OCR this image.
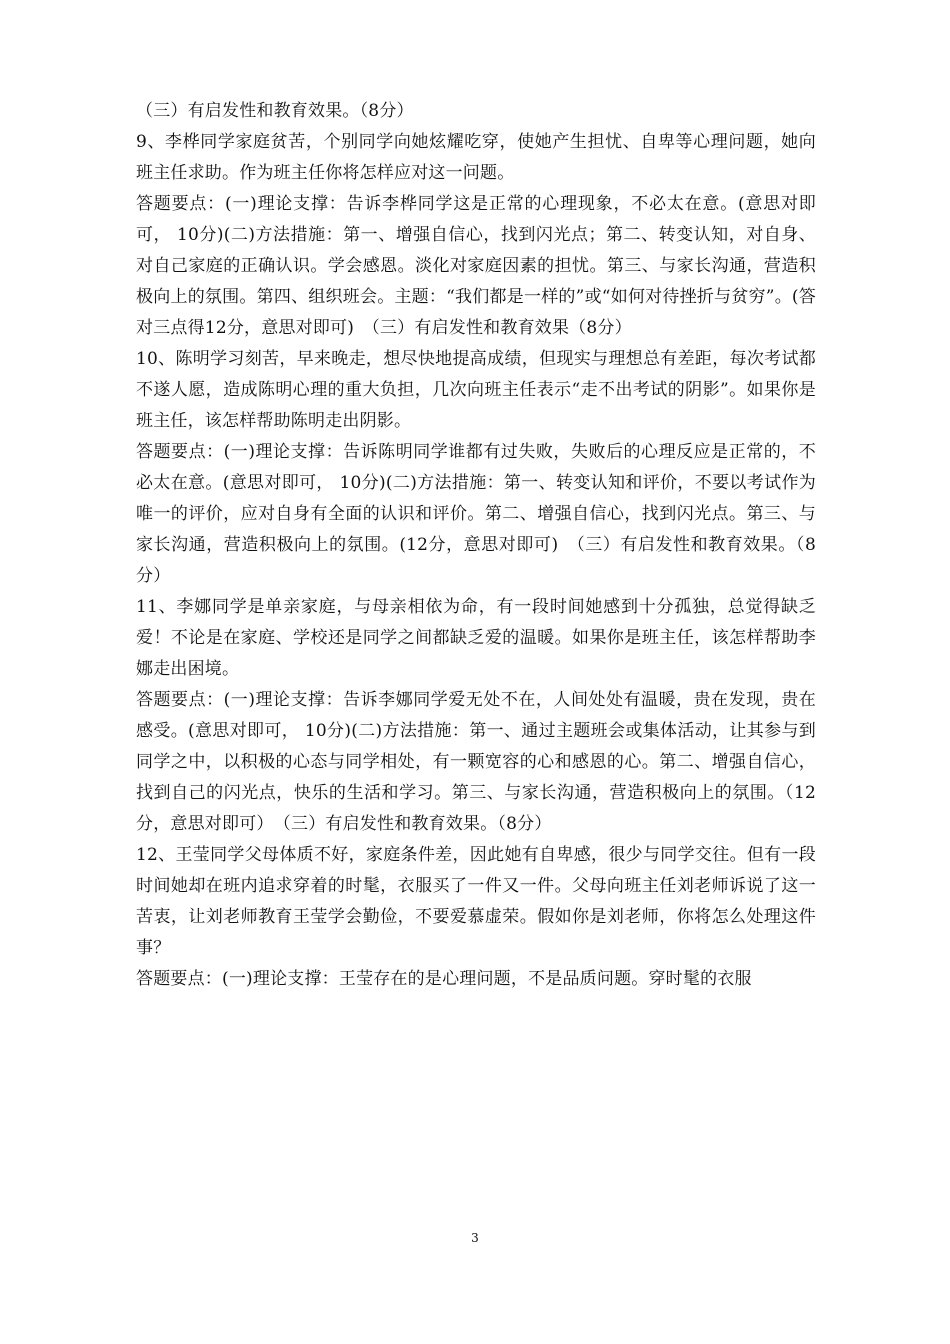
（三）有启发性和教育效果。（8分）

9、李桦同学家庭贫苦，个别同学向她炫耀吃穿，使她产生担忧、自卑等心理问题，她向班主任求助。作为班主任你将怎样应对这一问题。

答题要点：(一)理论支撑：告诉李桦同学这是正常的心理现象，不必太在意。(意思对即可， 10分)(二)方法措施：第一、增强自信心，找到闪光点；第二、转变认知，对自身、对自己家庭的正确认识。学会感恩。淡化对家庭因素的担忧。第三、与家长沟通，营造积极向上的氛围。第四、组织班会。主题：“我们都是一样的”或“如何对待挫折与贫穷”。(答对三点得12分，意思对即可)　（三）有启发性和教育效果（8分）

10、陈明学习刻苦，早来晚走，想尽快地提高成绩，但现实与理想总有差距，每次考试都不遂人愿，造成陈明心理的重大负担，几次向班主任表示“走不出考试的阴影”。如果你是班主任，该怎样帮助陈明走出阴影。

答题要点：(一)理论支撑：告诉陈明同学谁都有过失败，失败后的心理反应是正常的，不必太在意。(意思对即可， 10分)(二)方法措施：第一、转变认知和评价，不要以考试作为唯一的评价，应对自身有全面的认识和评价。第二、增强自信心，找到闪光点。第三、与家长沟通，营造积极向上的氛围。(12分，意思对即可)　（三）有启发性和教育效果。（8分）

11、李娜同学是单亲家庭，与母亲相依为命，有一段时间她感到十分孤独，总觉得缺乏爱！不论是在家庭、学校还是同学之间都缺乏爱的温暖。如果你是班主任，该怎样帮助李娜走出困境。

答题要点：(一)理论支撑：告诉李娜同学爱无处不在，人间处处有温暖，贵在发现，贵在感受。(意思对即可， 10分)(二)方法措施：第一、通过主题班会或集体活动，让其参与到同学之中，以积极的心态与同学相处，有一颗宽容的心和感恩的心。第二、增强自信心，找到自己的闪光点，快乐的生活和学习。第三、与家长沟通，营造积极向上的氛围。（12分，意思对即可）　（三）有启发性和教育效果。（8分）

12、王莹同学父母体质不好，家庭条件差，因此她有自卑感，很少与同学交往。但有一段时间她却在班内追求穿着的时髦，衣服买了一件又一件。父母向班主任刘老师诉说了这一苦衷，让刘老师教育王莹学会勤俭，不要爱慕虚荣。假如你是刘老师，你将怎么处理这件事？

答题要点：(一)理论支撑：王莹存在的是心理问题，不是品质问题。穿时髦的衣服

3
